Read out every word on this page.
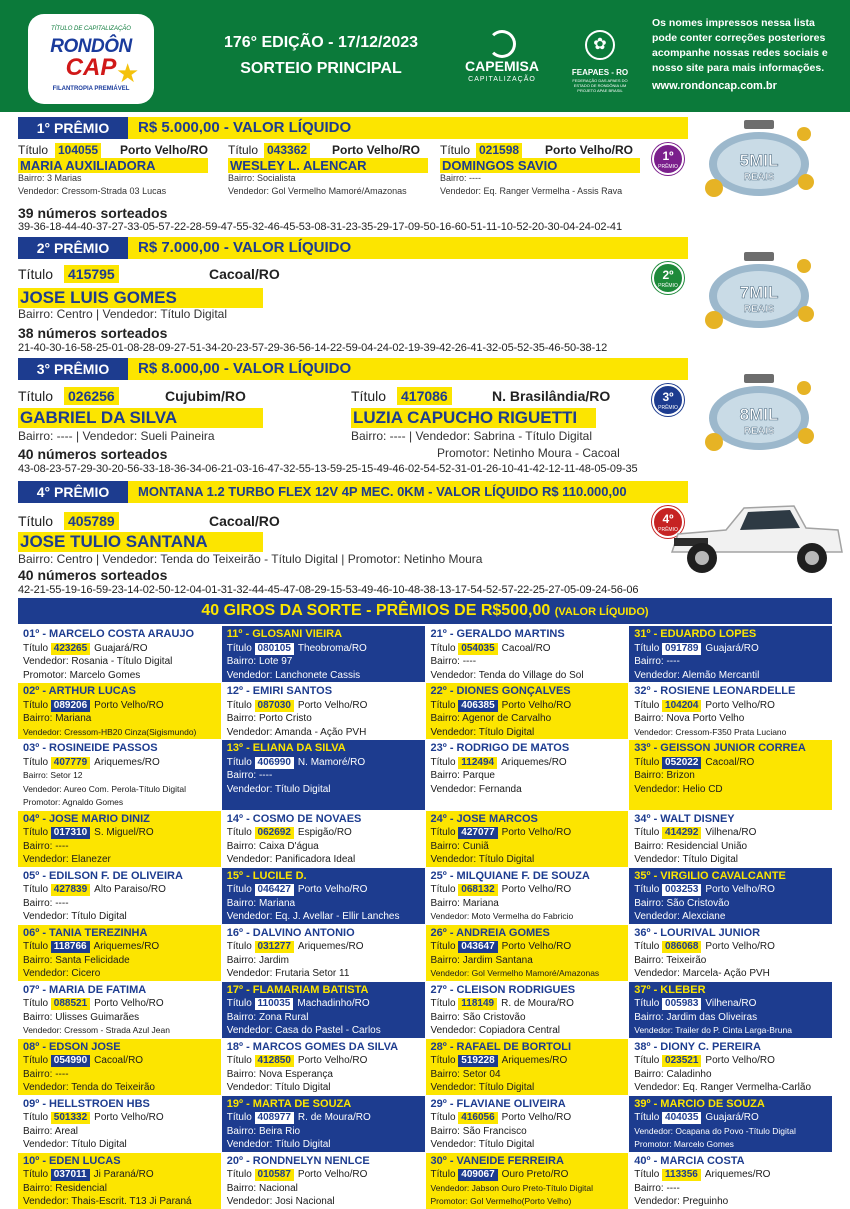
TÍTULO DE CAPITALIZAÇÃO
RONDÔN
CAP ★
FILANTROPIA PREMIÁVEL
176° EDIÇÃO - 17/12/2023
SORTEIO PRINCIPAL	CAPEMISA
CAPITALIZAÇÃO
✿
FEAPAES - RO
FEDERAÇÃO DAS APAES DO ESTADO DE RONDÔNIA UM PROJETO APAE BRASIL
Os nomes impressos nessa lista pode conter correções posteriores acompanhe nossas redes sociais e nosso site para mais informações.
www.rondoncap.com.br
1° PRÊMIO	R$ 5.000,00 - VALOR LÍQUIDO
Título 104055 Porto Velho/RO
MARIA AUXILIADORA
Bairro: 3 Marias
Vendedor: Cressom-Strada 03 Lucas
Título 043362 Porto Velho/RO
WESLEY L. ALENCAR
Bairro: Socialista
Vendedor: Gol Vermelho Mamoré/Amazonas
Título 021598 Porto Velho/RO
DOMINGOS SAVIO
Bairro: ----
Vendedor: Eq. Ranger Vermelha - Assis Rava
1º
PRÊMIO	5MIL
REAIS
39 números sorteados
39-36-18-44-40-37-27-33-05-57-22-28-59-47-55-32-46-45-53-08-31-23-35-29-17-09-50-16-60-51-11-10-52-20-30-04-24-02-41
2° PRÊMIO	R$ 7.000,00 - VALOR LÍQUIDO
Título 415795	Cacoal/RO
JOSE LUIS GOMES
Bairro: Centro | Vendedor: Título Digital
2º
PRÊMIO	7MIL
REAIS
38 números sorteados
21-40-30-16-58-25-01-08-28-09-27-51-34-20-23-57-29-36-56-14-22-59-04-24-02-19-39-42-26-41-32-05-52-35-46-50-38-12
3° PRÊMIO	R$ 8.000,00 - VALOR LÍQUIDO
Título 026256	Cujubim/RO
GABRIEL DA SILVA
Bairro: ---- | Vendedor: Sueli Paineira
Título 417086	N. Brasilândia/RO
LUZIA CAPUCHO RIGUETTI
Bairro: ---- | Vendedor: Sabrina - Título Digital
Promotor: Netinho Moura - Cacoal
3º
PRÊMIO	8MIL
REAIS
40 números sorteados
43-08-23-57-29-30-20-56-33-18-36-34-06-21-03-16-47-32-55-13-59-25-15-49-46-02-54-52-31-01-26-10-41-42-12-11-48-05-09-35
4° PRÊMIO	MONTANA 1.2 TURBO FLEX 12V 4P MEC. 0KM - VALOR LÍQUIDO R$ 110.000,00
Título 405789	Cacoal/RO
JOSE TULIO SANTANA
Bairro: Centro | Vendedor: Tenda do Teixeirão - Título Digital | Promotor: Netinho Moura
4º
PRÊMIO
40 números sorteados
42-21-55-19-16-59-23-14-02-50-12-04-01-31-32-44-45-47-08-29-15-53-49-46-10-48-38-13-17-54-52-57-22-25-27-05-09-24-56-06
40 GIROS DA SORTE - PRÊMIOS DE R$500,00 (VALOR LÍQUIDO)
01º - MARCELO COSTA ARAUJO
Título 423265 Guajará/RO
Vendedor: Rosania - Título Digital
Promotor: Marcelo Gomes
11º - GLOSANI VIEIRA
Título 080105 Theobroma/RO
Bairro: Lote 97
Vendedor: Lanchonete Cassis
21º - GERALDO MARTINS
Título 054035 Cacoal/RO
Bairro: ----
Vendedor: Tenda do Village do Sol
31º - EDUARDO LOPES
Título 091789 Guajará/RO
Bairro: ----
Vendedor: Alemão Mercantil
02º - ARTHUR LUCAS
Título 089206 Porto Velho/RO
Bairro: Mariana
Vendedor: Cressom-HB20 Cinza(Sigismundo)
12º - EMIRI SANTOS
Título 087030 Porto Velho/RO
Bairro: Porto Cristo
Vendedor: Amanda - Ação PVH
22º - DIONES GONÇALVES
Título 406385 Porto Velho/RO
Bairro: Agenor de Carvalho
Vendedor: Título Digital
32º - ROSIENE LEONARDELLE
Título 104204 Porto Velho/RO
Bairro: Nova Porto Velho
Vendedor: Cressom-F350 Prata Luciano
03º - ROSINEIDE PASSOS
Título 407779 Ariquemes/RO
Bairro: Setor 12
Vendedor: Aureo Com. Perola-Título Digital
Promotor: Agnaldo Gomes
13º - ELIANA DA SILVA
Título 406990 N. Mamoré/RO
Bairro: ----
Vendedor: Título Digital
23º - RODRIGO DE MATOS
Título 112494 Ariquemes/RO
Bairro: Parque
Vendedor: Fernanda
33º - GEISSON JUNIOR CORREA
Título 052022 Cacoal/RO
Bairro: Brizon
Vendedor: Helio CD
04º - JOSE MARIO DINIZ
Título 017310 S. Miguel/RO
Bairro: ----
Vendedor: Elanezer
14º - COSMO DE NOVAES
Título 062692 Espigão/RO
Bairro: Caixa D'água
Vendedor: Panificadora Ideal
24º - JOSE MARCOS
Título 427077 Porto Velho/RO
Bairro: Cuniã
Vendedor: Título Digital
34º - WALT DISNEY
Título 414292 Vilhena/RO
Bairro: Residencial União
Vendedor: Título Digital
05º - EDILSON F. DE OLIVEIRA
Título 427839 Alto Paraiso/RO
Bairro: ----
Vendedor: Título Digital
15º - LUCILE D.
Título 046427 Porto Velho/RO
Bairro: Mariana
Vendedor: Eq. J. Avellar - Ellir Lanches
25º - MILQUIANE F. DE SOUZA
Título 068132 Porto Velho/RO
Bairro: Mariana
Vendedor: Moto Vermelha do Fabricio
35º - VIRGILIO CAVALCANTE
Título 003253 Porto Velho/RO
Bairro: São Cristovão
Vendedor: Alexciane
06º - TANIA TEREZINHA
Título 118766 Ariquemes/RO
Bairro: Santa Felicidade
Vendedor: Cicero
16º - DALVINO ANTONIO
Título 031277 Ariquemes/RO
Bairro: Jardim
Vendedor: Frutaria Setor 11
26º - ANDREIA GOMES
Título 043647 Porto Velho/RO
Bairro: Jardim Santana
Vendedor: Gol Vermelho Mamoré/Amazonas
36º - LOURIVAL JUNIOR
Título 086068 Porto Velho/RO
Bairro: Teixeirão
Vendedor: Marcela- Ação PVH
07º - MARIA DE FATIMA
Título 088521 Porto Velho/RO
Bairro: Ulisses Guimarães
Vendedor: Cressom - Strada Azul Jean
17º - FLAMARIAM BATISTA
Título 110035 Machadinho/RO
Bairro: Zona Rural
Vendedor: Casa do Pastel - Carlos
27º - CLEISON RODRIGUES
Título 118149 R. de Moura/RO
Bairro: São Cristovão
Vendedor: Copiadora Central
37º - KLEBER
Título 005983 Vilhena/RO
Bairro: Jardim das Oliveiras
Vendedor: Trailer do P. Cinta Larga-Bruna
08º - EDSON JOSE
Título 054990 Cacoal/RO
Bairro: ----
Vendedor: Tenda do Teixeirão
18º - MARCOS GOMES DA SILVA
Título 412850 Porto Velho/RO
Bairro: Nova Esperança
Vendedor: Título Digital
28º - RAFAEL DE BORTOLI
Título 519228 Ariquemes/RO
Bairro: Setor 04
Vendedor: Título Digital
38º - DIONY C. PEREIRA
Título 023521 Porto Velho/RO
Bairro: Caladinho
Vendedor: Eq. Ranger Vermelha-Carlão
09º - HELLSTROEN HBS
Título 501332 Porto Velho/RO
Bairro: Areal
Vendedor: Título Digital
19º - MARTA DE SOUZA
Título 408977 R. de Moura/RO
Bairro: Beira Rio
Vendedor: Título Digital
29º - FLAVIANE OLIVEIRA
Título 416056 Porto Velho/RO
Bairro: São Francisco
Vendedor: Título Digital
39º - MARCIO DE SOUZA
Título 404035 Guajará/RO
Vendedor: Ocapana do Povo -Título Digital
Promotor: Marcelo Gomes
10º - EDEN LUCAS
Título 037011 Ji Paraná/RO
Bairro: Residencial
Vendedor: Thais-Escrit. T13 Ji Paraná
20º - RONDNELYN NENLCE
Título 010587 Porto Velho/RO
Bairro: Nacional
Vendedor: Josi Nacional
30º - VANEIDE FERREIRA
Título 409067 Ouro Preto/RO
Vendedor: Jabson Ouro Preto-Título Digital
Promotor: Gol Vermelho(Porto Velho)
40º - MARCIA COSTA
Título 113356 Ariquemes/RO
Bairro: ----
Vendedor: Preguinho
